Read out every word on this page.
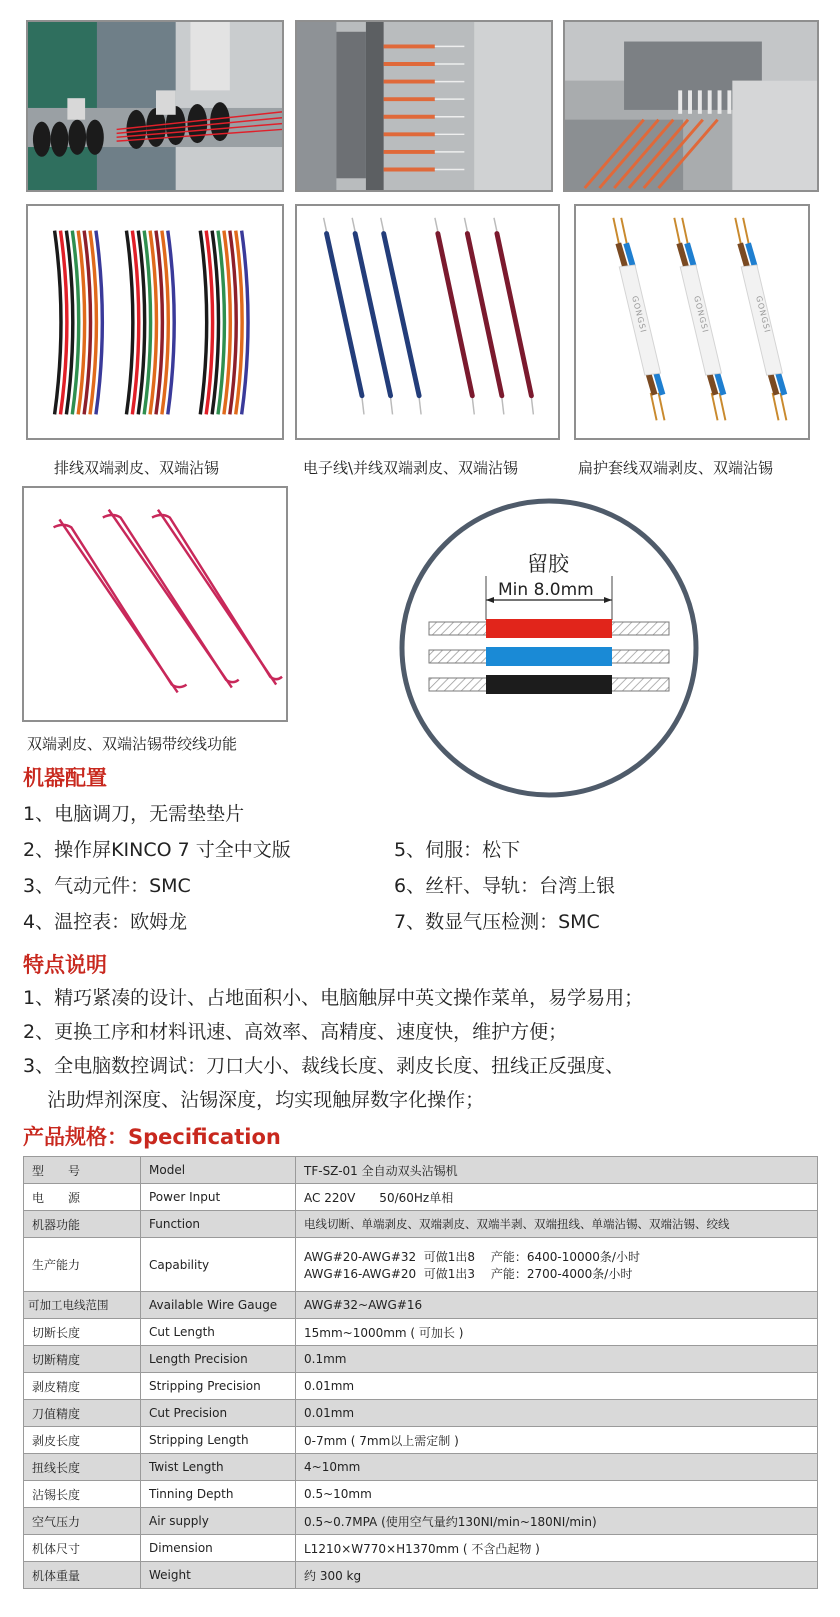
GONGSI	GONGSI	GONGSI
排线双端剥皮、双端沾锡	电子线\并线双端剥皮、双端沾锡	扁护套线双端剥皮、双端沾锡
双端剥皮、双端沾锡带绞线功能
留胶
Min 8.0mm
机器配置
1、电脑调刀，无需垫垫片
2、操作屏KINCO 7 寸全中文版
3、气动元件：SMC
4、温控表：欧姆龙
5、伺服：松下
6、丝杆、导轨：台湾上银
7、数显气压检测：SMC
特点说明
1、精巧紧凑的设计、占地面积小、电脑触屏中英文操作菜单，易学易用；
2、更换工序和材料讯速、高效率、高精度、速度快，维护方便；
3、全电脑数控调试：刀口大小、裁线长度、剥皮长度、扭线正反强度、
沾助焊剂深度、沾锡深度，均实现触屏数字化操作；
产品规格：Specification
型　　号	Model	TF-SZ-01 全自动双头沾锡机
电　　源	Power Input	AC 220V　　50/60Hz单相
机器功能	Function	电线切断、单端剥皮、双端剥皮、双端半剥、双端扭线、单端沾锡、双端沾锡、绞线
生产能力	Capability	AWG#20-AWG#32  可做1出8　 产能：6400-10000条/小时
AWG#16-AWG#20  可做1出3　 产能：2700-4000条/小时

可加工电线范围	Available Wire Gauge	AWG#32~AWG#16
切断长度	Cut Length	15mm~1000mm ( 可加长 )
切断精度	Length Precision	0.1mm
剥皮精度	Stripping Precision	0.01mm
刀值精度	Cut Precision	0.01mm
剥皮长度	Stripping Length	0-7mm ( 7mm以上需定制 )
扭线长度	Twist Length	4~10mm
沾锡长度	Tinning Depth	0.5~10mm
空气压力	Air supply	0.5~0.7MPA (使用空气量约130NI/min~180NI/min)
机体尺寸	Dimension	L1210×W770×H1370mm ( 不含凸起物 )
机体重量	Weight	约 300 kg
